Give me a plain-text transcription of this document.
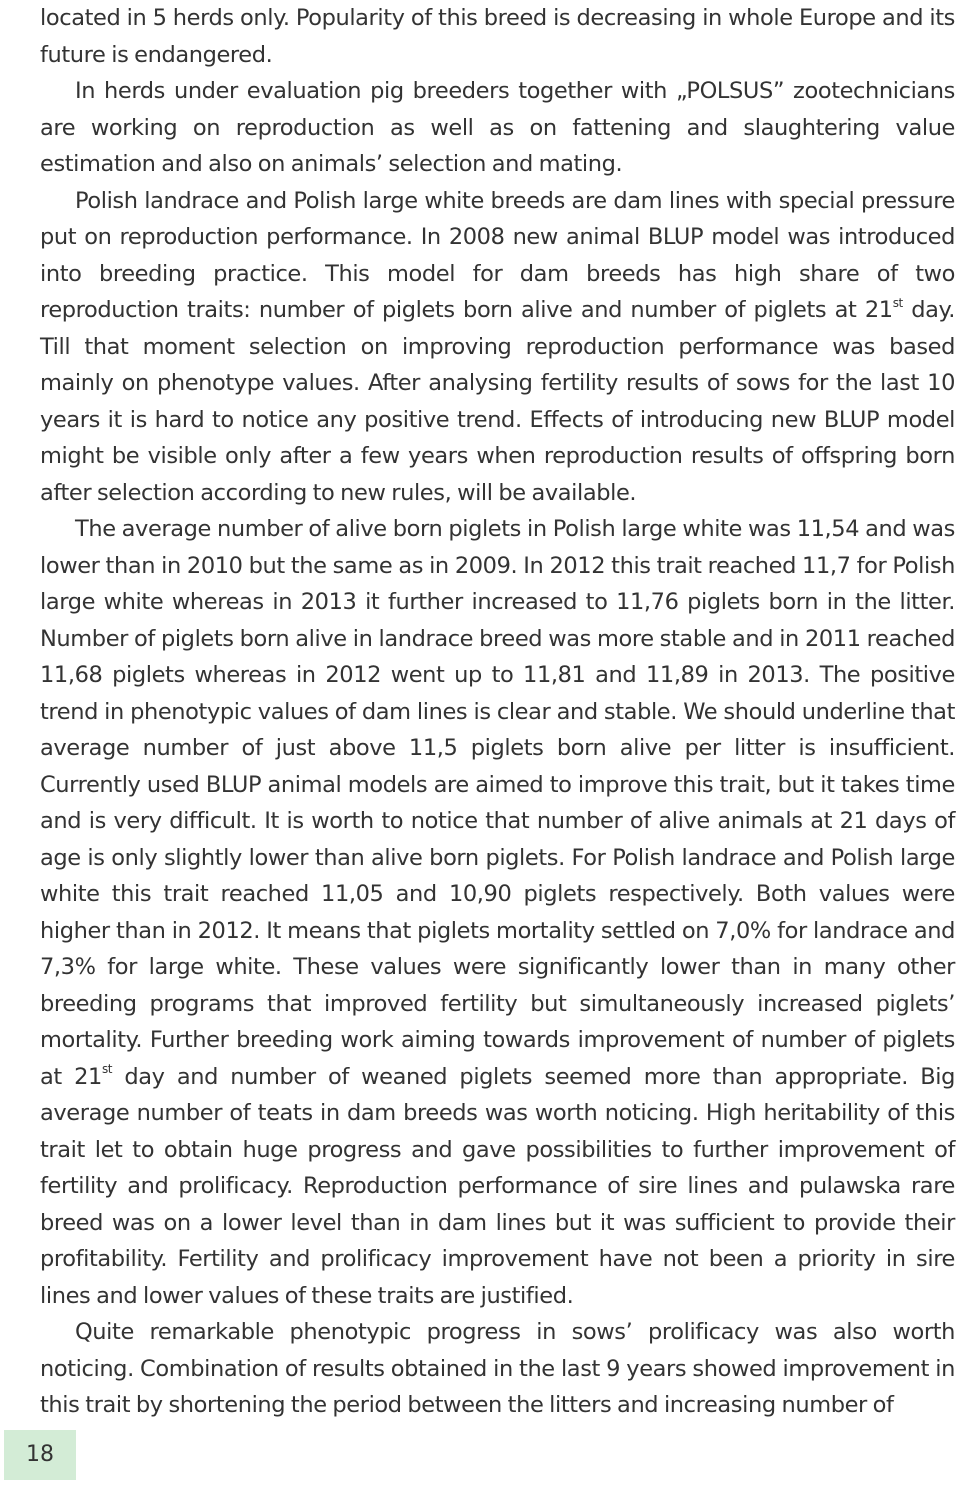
located in 5 herds only. Popularity of this breed is decreasing in whole Europe and its future is endangered.

In herds under evaluation pig breeders together with „POLSUS” zootechnicians are working on reproduction as well as on fattening and slaughtering value estimation and also on animals’ selection and mating.

Polish landrace and Polish large white breeds are dam lines with special pressure put on reproduction performance. In 2008 new animal BLUP model was introduced into breeding practice. This model for dam breeds has high share of two reproduction traits: number of piglets born alive and number of piglets at 21st day. Till that moment selection on improving reproduction performance was based mainly on phenotype values. After analysing fertility results of sows for the last 10 years it is hard to notice any positive trend. Effects of introducing new BLUP model might be visible only after a few years when reproduction results of offspring born after selection according to new rules, will be available.

The average number of alive born piglets in Polish large white was 11,54 and was lower than in 2010 but the same as in 2009. In 2012 this trait reached 11,7 for Polish large white whereas in 2013 it further increased to 11,76 piglets born in the litter. Number of piglets born alive in landrace breed was more stable and in 2011 reached 11,68 piglets whereas in 2012 went up to 11,81 and 11,89 in 2013. The positive trend in phenotypic values of dam lines is clear and stable. We should underline that average number of just above 11,5 piglets born alive per litter is insufficient. Currently used BLUP animal models are aimed to improve this trait, but it takes time and is very difficult. It is worth to notice that number of alive animals at 21 days of age is only slightly lower than alive born piglets. For Polish landrace and Polish large white this trait reached 11,05 and 10,90 piglets respectively. Both values were higher than in 2012. It means that piglets mortality settled on 7,0% for landrace and 7,3% for large white. These values were significantly lower than in many other breeding programs that improved fertility but simultaneously increased piglets’ mortality. Further breeding work aiming towards improvement of number of piglets at 21st day and number of weaned piglets seemed more than appropriate. Big average number of teats in dam breeds was worth noticing. High heritability of this trait let to obtain huge progress and gave possibilities to further improvement of fertility and prolificacy. Reproduction performance of sire lines and pulawska rare breed was on a lower level than in dam lines but it was sufficient to provide their profitability. Fertility and prolificacy improvement have not been a priority in sire lines and lower values of these traits are justified.

Quite remarkable phenotypic progress in sows’ prolificacy was also worth noticing. Combination of results obtained in the last 9 years showed improvement in this trait by shortening the period between the litters and increasing number of

18
